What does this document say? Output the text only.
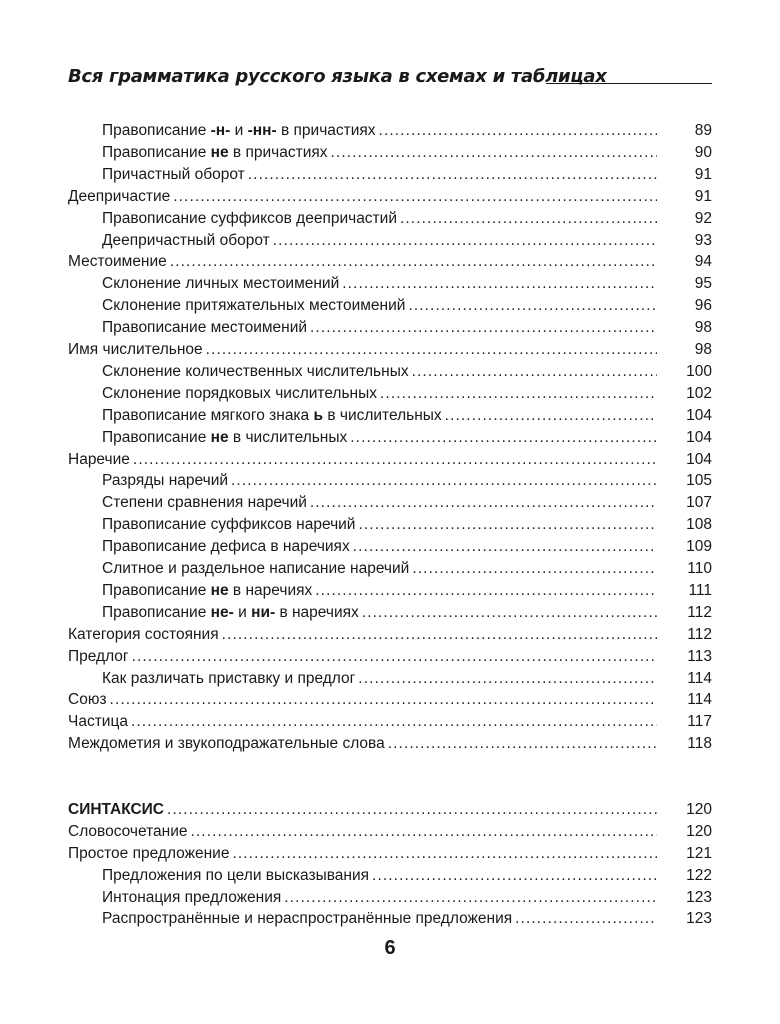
Вся грамматика русского языка в схемах и таблицах
Правописание -н- и -нн- в причастиях .....	89
Правописание не в причастиях .....	90
Причастный оборот .....	91
Деепричастие .....	91
Правописание суффиксов деепричастий .....	92
Деепричастный оборот .....	93
Местоимение .....	94
Склонение личных местоимений .....	95
Склонение притяжательных местоимений .....	96
Правописание местоимений .....	98
Имя числительное .....	98
Склонение количественных числительных .....	100
Склонение порядковых числительных .....	102
Правописание мягкого знака ь в числительных .....	104
Правописание не в числительных .....	104
Наречие .....	104
Разряды наречий .....	105
Степени сравнения наречий .....	107
Правописание суффиксов наречий .....	108
Правописание дефиса в наречиях .....	109
Слитное и раздельное написание наречий .....	110
Правописание не в наречиях .....	111
Правописание не- и ни- в наречиях .....	112
Категория состояния .....	112
Предлог .....	113
Как различать приставку и предлог .....	114
Союз .....	114
Частица .....	117
Междометия и звукоподражательные слова .....	118
СИНТАКСИС .....	120
Словосочетание .....	120
Простое предложение .....	121
Предложения по цели высказывания .....	122
Интонация предложения .....	123
Распространённые и нераспространённые предложения .....	123
6
